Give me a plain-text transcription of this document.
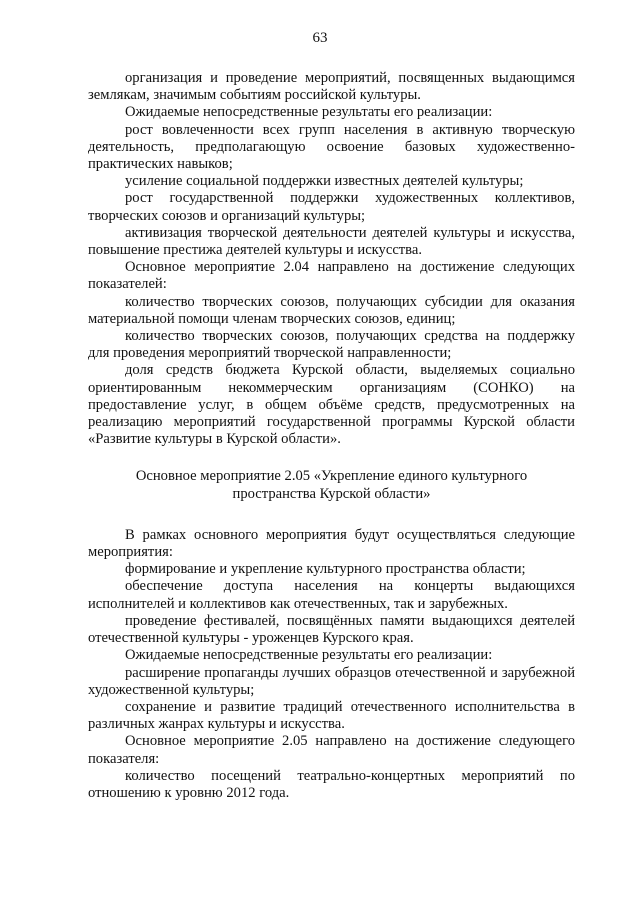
63

организация и проведение мероприятий, посвященных выдающимся землякам, значимым событиям российской культуры.

Ожидаемые непосредственные результаты его реализации:

рост вовлеченности всех групп населения в активную творческую деятельность, предполагающую освоение базовых художественно-практических навыков;

усиление социальной поддержки известных деятелей культуры;

рост государственной поддержки художественных коллективов, творческих союзов и организаций культуры;

активизация творческой деятельности деятелей культуры и искусства, повышение престижа деятелей культуры и искусства.

Основное мероприятие 2.04 направлено на достижение следующих показателей:

количество творческих союзов, получающих субсидии для оказания материальной помощи членам творческих союзов, единиц;

количество творческих союзов, получающих средства на поддержку для проведения мероприятий творческой направленности;

доля средств бюджета Курской области, выделяемых социально ориентированным некоммерческим организациям (СОНКО) на предоставление услуг, в общем объёме средств, предусмотренных на реализацию мероприятий государственной программы Курской области «Развитие культуры в Курской области».

Основное мероприятие 2.05 «Укрепление единого культурного пространства Курской области»

В рамках основного мероприятия будут осуществляться следующие мероприятия:

формирование и укрепление культурного пространства области;

обеспечение доступа населения на концерты выдающихся исполнителей и коллективов как отечественных, так и зарубежных.

проведение фестивалей, посвящённых памяти выдающихся деятелей отечественной культуры - уроженцев Курского края.

Ожидаемые непосредственные результаты его реализации:

расширение пропаганды лучших образцов отечественной и зарубежной художественной культуры;

сохранение и развитие традиций отечественного исполнительства в различных жанрах культуры и искусства.

Основное мероприятие 2.05 направлено на достижение следующего показателя:

количество посещений театрально-концертных мероприятий по отношению к уровню 2012 года.
